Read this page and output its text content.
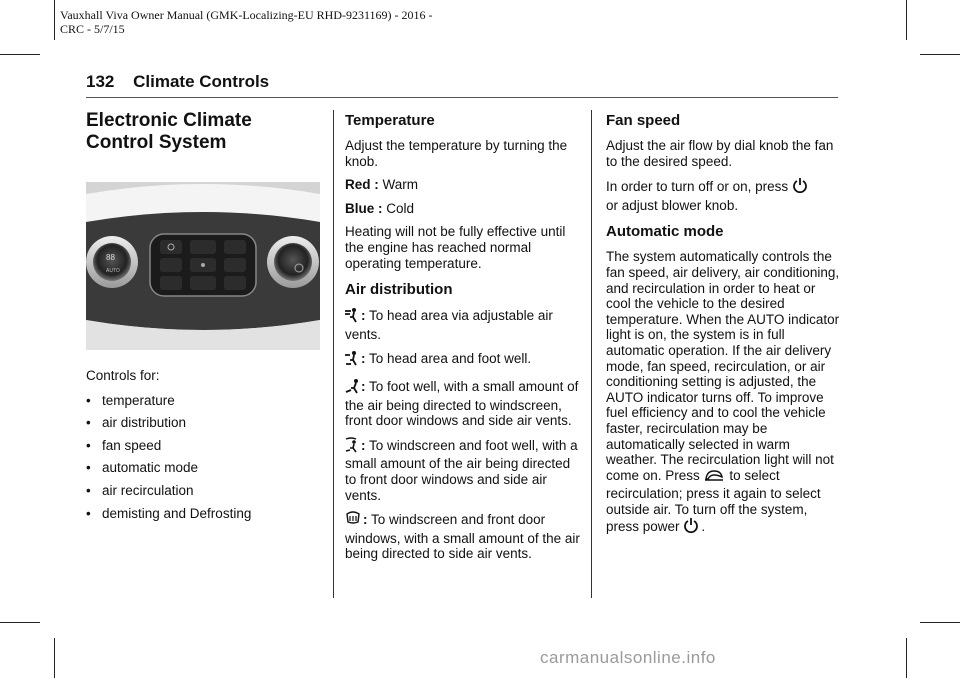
Vauxhall Viva Owner Manual (GMK-Localizing-EU RHD-9231169) - 2016 -
CRC - 5/7/15
132 Climate Controls
Electronic Climate Control System
88
AUTO

Controls for:

• temperature
• air distribution
• fan speed
• automatic mode
• air recirculation
• demisting and Defrosting
Temperature

Adjust the temperature by turning the knob.

Red : Warm

Blue : Cold

Heating will not be fully effective until the engine has reached normal operating temperature.

Air distribution

: To head area via adjustable air vents.

: To head area and foot well.

: To foot well, with a small amount of the air being directed to windscreen, front door windows and side air vents.

: To windscreen and foot well, with a small amount of the air being directed to front door windows and side air vents.

: To windscreen and front door windows, with a small amount of the air being directed to side air vents.

Fan speed

Adjust the air flow by dial knob the fan to the desired speed.

In order to turn off or on, press
or adjust blower knob.

Automatic mode

The system automatically controls the fan speed, air delivery, air conditioning, and recirculation in order to heat or cool the vehicle to the desired temperature. When the AUTO indicator light is on, the system is in full automatic operation. If the air delivery mode, fan speed, recirculation, or air conditioning setting is adjusted, the AUTO indicator turns off. To improve fuel efficiency and to cool the vehicle faster, recirculation may be automatically selected in warm weather. The recirculation light will not come on. Press to select recirculation; press it again to select outside air. To turn off the system, press power .

carmanualsonline.info
